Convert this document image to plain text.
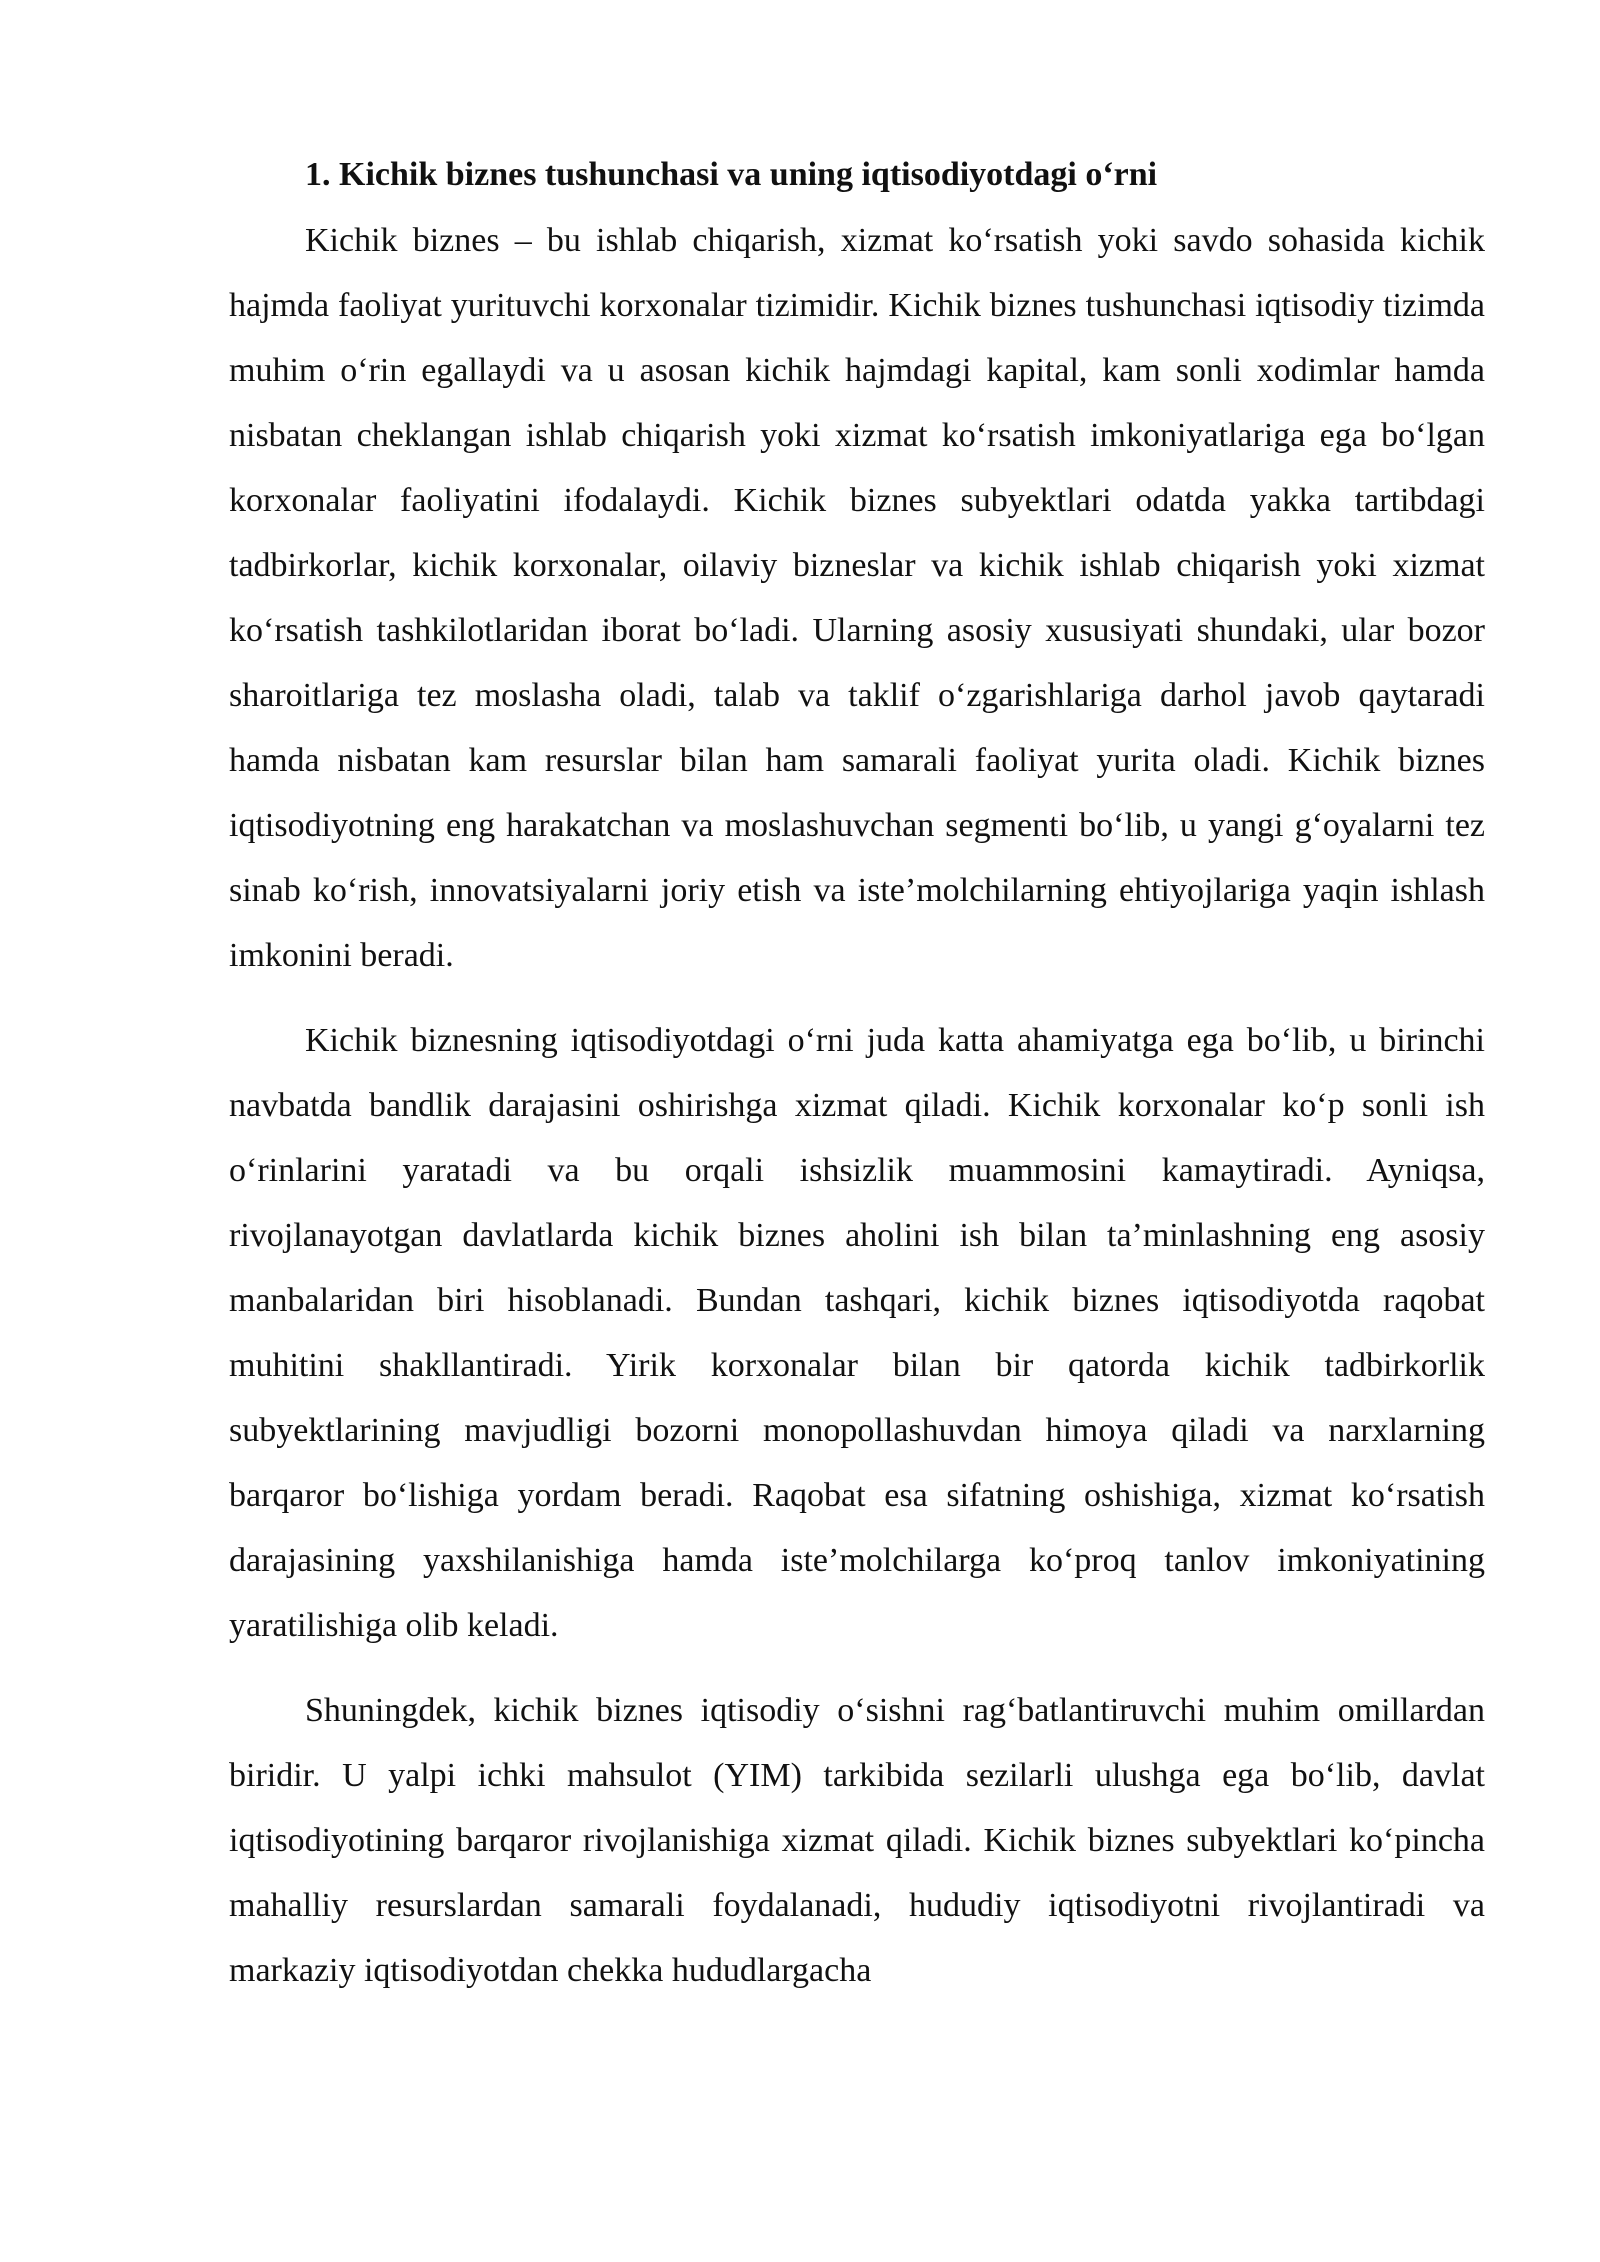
1. Kichik biznes tushunchasi va uning iqtisodiyotdagi o‘rni

Kichik biznes – bu ishlab chiqarish, xizmat ko‘rsatish yoki savdo sohasida kichik hajmda faoliyat yurituvchi korxonalar tizimidir. Kichik biznes tushunchasi iqtisodiy tizimda muhim o‘rin egallaydi va u asosan kichik hajmdagi kapital, kam sonli xodimlar hamda nisbatan cheklangan ishlab chiqarish yoki xizmat ko‘rsatish imkoniyatlariga ega bo‘lgan korxonalar faoliyatini ifodalaydi. Kichik biznes subyektlari odatda yakka tartibdagi tadbirkorlar, kichik korxonalar, oilaviy bizneslar va kichik ishlab chiqarish yoki xizmat ko‘rsatish tashkilotlaridan iborat bo‘ladi. Ularning asosiy xususiyati shundaki, ular bozor sharoitlariga tez moslasha oladi, talab va taklif o‘zgarishlariga darhol javob qaytaradi hamda nisbatan kam resurslar bilan ham samarali faoliyat yurita oladi. Kichik biznes iqtisodiyotning eng harakatchan va moslashuvchan segmenti bo‘lib, u yangi g‘oyalarni tez sinab ko‘rish, innovatsiyalarni joriy etish va iste’molchilarning ehtiyojlariga yaqin ishlash imkonini beradi.

Kichik biznesning iqtisodiyotdagi o‘rni juda katta ahamiyatga ega bo‘lib, u birinchi navbatda bandlik darajasini oshirishga xizmat qiladi. Kichik korxonalar ko‘p sonli ish o‘rinlarini yaratadi va bu orqali ishsizlik muammosini kamaytiradi. Ayniqsa, rivojlanayotgan davlatlarda kichik biznes aholini ish bilan ta’minlashning eng asosiy manbalaridan biri hisoblanadi. Bundan tashqari, kichik biznes iqtisodiyotda raqobat muhitini shakllantiradi. Yirik korxonalar bilan bir qatorda kichik tadbirkorlik subyektlarining mavjudligi bozorni monopollashuvdan himoya qiladi va narxlarning barqaror bo‘lishiga yordam beradi. Raqobat esa sifatning oshishiga, xizmat ko‘rsatish darajasining yaxshilanishiga hamda iste’molchilarga ko‘proq tanlov imkoniyatining yaratilishiga olib keladi.

Shuningdek, kichik biznes iqtisodiy o‘sishni rag‘batlantiruvchi muhim omillardan biridir. U yalpi ichki mahsulot (YIM) tarkibida sezilarli ulushga ega bo‘lib, davlat iqtisodiyotining barqaror rivojlanishiga xizmat qiladi. Kichik biznes subyektlari ko‘pincha mahalliy resurslardan samarali foydalanadi, hududiy iqtisodiyotni rivojlantiradi va markaziy iqtisodiyotdan chekka hududlargacha
